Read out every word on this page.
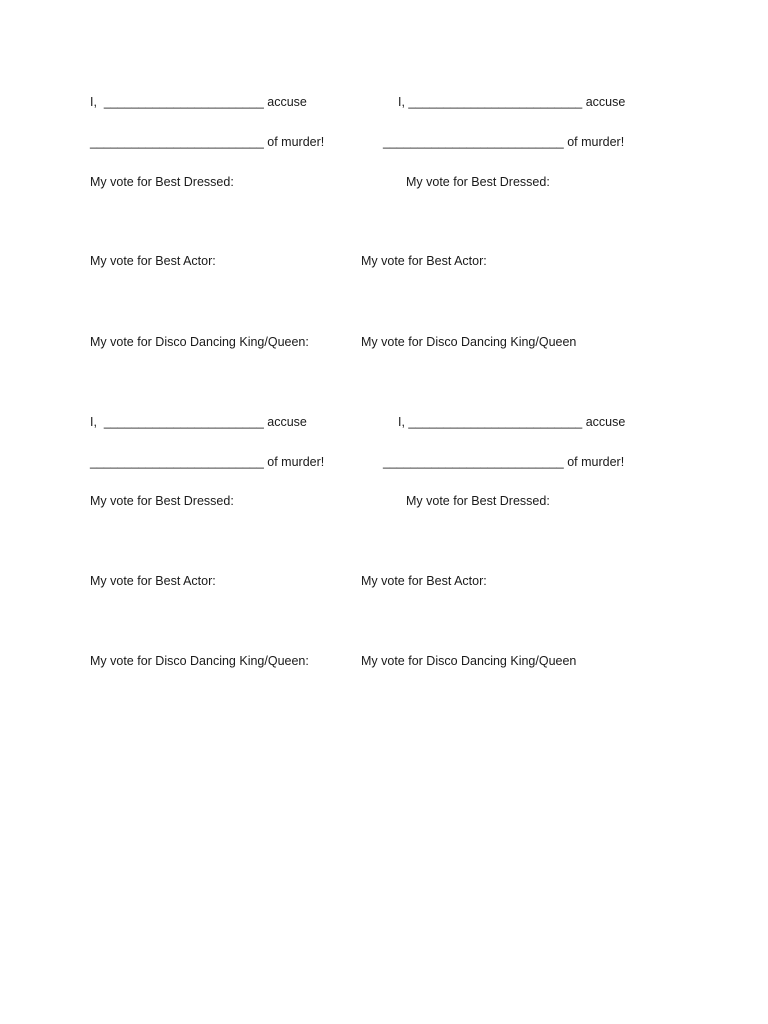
I,  _______________________ accuse
_________________________ of murder!
My vote for Best Dressed:
My vote for Best Actor:
My vote for Disco Dancing King/Queen:
I, _________________________ accuse
__________________________ of murder!
My vote for Best Dressed:
My vote for Best Actor:
My vote for Disco Dancing King/Queen
I,  _______________________ accuse
_________________________ of murder!
My vote for Best Dressed:
My vote for Best Actor:
My vote for Disco Dancing King/Queen:
I, _________________________ accuse
__________________________ of murder!
My vote for Best Dressed:
My vote for Best Actor:
My vote for Disco Dancing King/Queen
